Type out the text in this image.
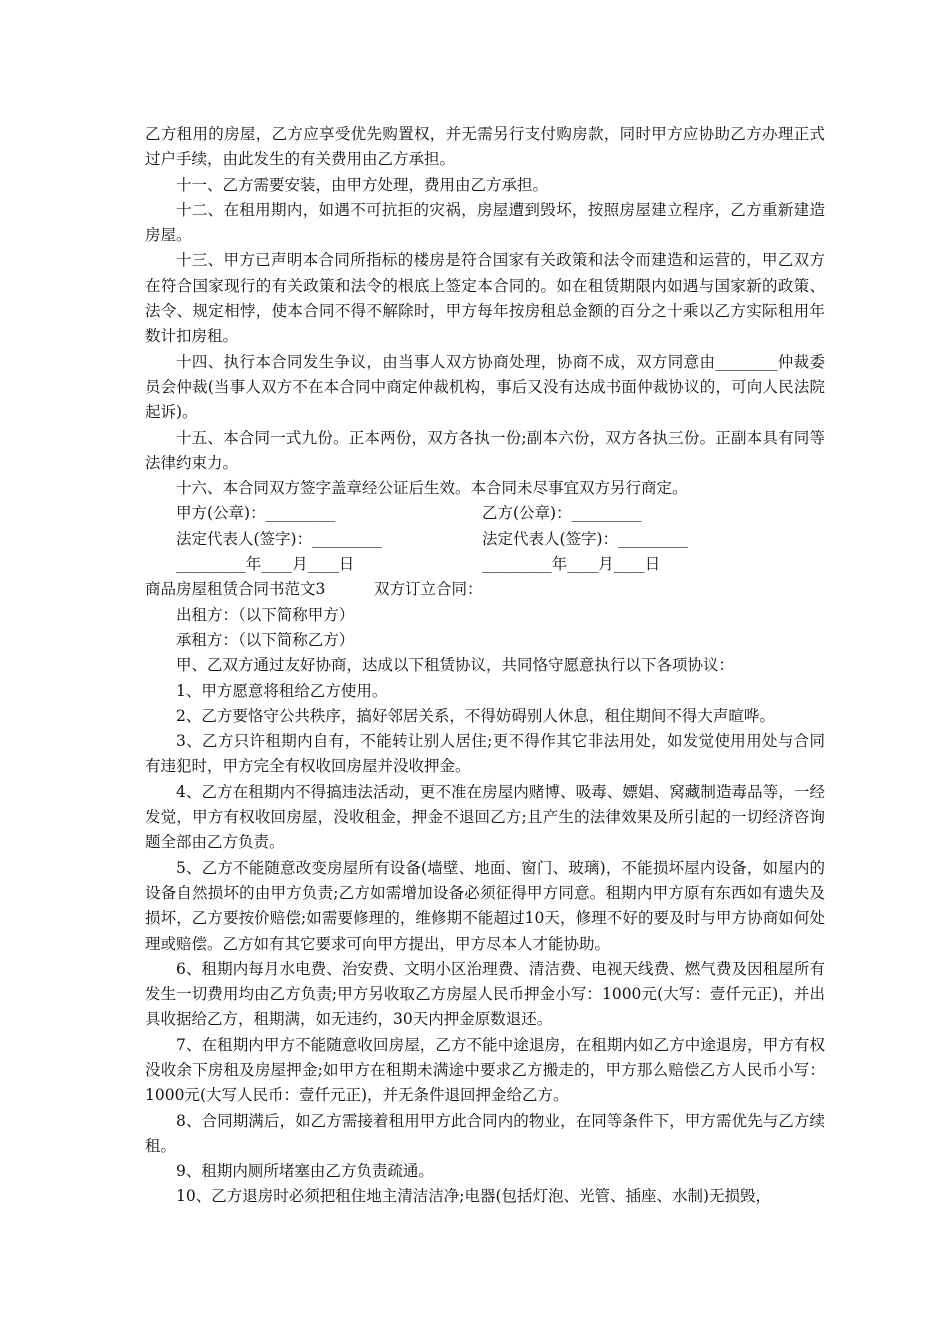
乙方租用的房屋，乙方应享受优先购置权，并无需另行支付购房款，同时甲方应协助乙方办理正式过户手续，由此发生的有关费用由乙方承担。

十一、乙方需要安装，由甲方处理，费用由乙方承担。

十二、在租用期内，如遇不可抗拒的灾祸，房屋遭到毁坏，按照房屋建立程序，乙方重新建造房屋。

十三、甲方已声明本合同所指标的楼房是符合国家有关政策和法令而建造和运营的，甲乙双方在符合国家现行的有关政策和法令的根底上签定本合同的。如在租赁期限内如遇与国家新的政策、法令、规定相悖，使本合同不得不解除时，甲方每年按房租总金额的百分之十乘以乙方实际租用年数计扣房租。

十四、执行本合同发生争议，由当事人双方协商处理，协商不成，双方同意由________仲裁委员会仲裁(当事人双方不在本合同中商定仲裁机构，事后又没有达成书面仲裁协议的，可向人民法院起诉)。

十五、本合同一式九份。正本两份，双方各执一份;副本六份，双方各执三份。正副本具有同等法律约束力。

十六、本合同双方签字盖章经公证后生效。本合同未尽事宜双方另行商定。

甲方(公章)：_________	乙方(公章)：_________
法定代表人(签字)：_________	法定代表人(签字)：_________
_________年____月____日	_________年____月____日
商品房屋租赁合同书范文3	双方订立合同：

出租方：（以下简称甲方）

承租方：（以下简称乙方）

甲、乙双方通过友好协商，达成以下租赁协议，共同恪守愿意执行以下各项协议：

1、甲方愿意将租给乙方使用。

2、乙方要恪守公共秩序，搞好邻居关系，不得妨碍别人休息，租住期间不得大声暄哗。

3、乙方只许租期内自有，不能转让别人居住;更不得作其它非法用处，如发觉使用用处与合同有违犯时，甲方完全有权收回房屋并没收押金。

4、乙方在租期内不得搞违法活动，更不准在房屋内赌博、吸毒、嫖娼、窝藏制造毒品等，一经发觉，甲方有权收回房屋，没收租金，押金不退回乙方;且产生的法律效果及所引起的一切经济咨询题全部由乙方负责。

5、乙方不能随意改变房屋所有设备(墙壁、地面、窗门、玻璃)，不能损坏屋内设备，如屋内的设备自然损坏的由甲方负责;乙方如需增加设备必须征得甲方同意。租期内甲方原有东西如有遗失及损坏，乙方要按价赔偿;如需要修理的，维修期不能超过10天，修理不好的要及时与甲方协商如何处理或赔偿。乙方如有其它要求可向甲方提出，甲方尽本人才能协助。

6、租期内每月水电费、治安费、文明小区治理费、清洁费、电视天线费、燃气费及因租屋所有发生一切费用均由乙方负责;甲方另收取乙方房屋人民币押金小写：1000元(大写：壹仟元正)，并出具收据给乙方，租期满，如无违约，30天内押金原数退还。

7、在租期内甲方不能随意收回房屋，乙方不能中途退房，在租期内如乙方中途退房，甲方有权没收余下房租及房屋押金;如甲方在租期未满途中要求乙方搬走的，甲方那么赔偿乙方人民币小写：1000元(大写人民币：壹仟元正)，并无条件退回押金给乙方。

8、合同期满后，如乙方需接着租用甲方此合同内的物业，在同等条件下，甲方需优先与乙方续租。

9、租期内厕所堵塞由乙方负责疏通。

10、乙方退房时必须把租住地主清洁洁净;电器(包括灯泡、光管、插座、水制)无损毁，
